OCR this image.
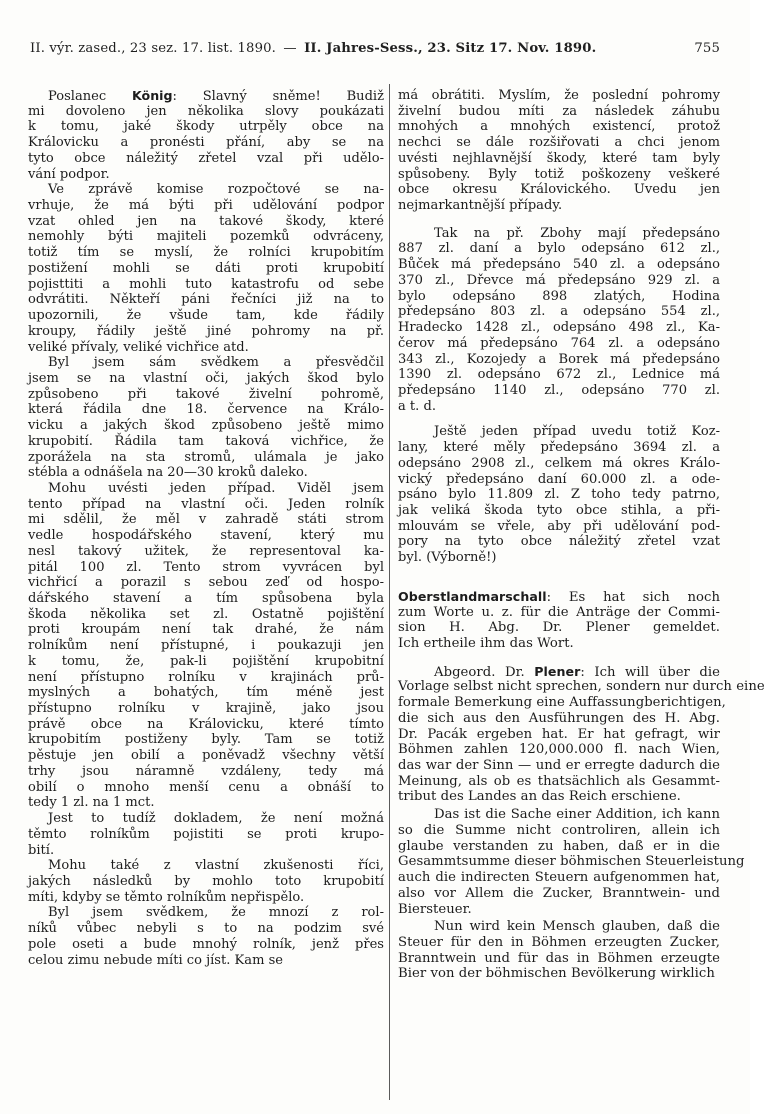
II. výr. zased., 23 sez. 17. list. 1890. — II. Jahres-Sess., 23. Sitz 17. Nov. 1890.	755
Poslanec König: Slavný sněme! Budiž
mi dovoleno jen několika slovy poukázati
k tomu, jaké škody utrpěly obce na
Královicku a pronésti přání, aby se na
tyto obce náležitý zřetel vzal při udělo-
vání podpor.
Ve zprávě komise rozpočtové se na-
vrhuje, že má býti při udělování podpor
vzat ohled jen na takové škody, které
nemohly býti majiteli pozemků odvráceny,
totiž tím se myslí, že rolníci krupobitím
postižení mohli se dáti proti krupobití
pojisttiti a mohli tuto katastrofu od sebe
odvrátiti. Někteří páni řečníci již na to
upozornili, že všude tam, kde řádily
kroupy, řádily ještě jiné pohromy na př.
veliké přívaly, veliké vichřice atd.
Byl jsem sám svědkem a přesvědčil
jsem se na vlastní oči, jakých škod bylo
způsobeno při takové živelní pohromě,
která řádila dne 18. července na Králo-
vicku a jakých škod způsobeno ještě mimo
krupobití. Řádila tam taková vichřice, že
zporážela na sta stromů, ulámala je jako
stébla a odnášela na 20—30 kroků daleko.
Mohu uvésti jeden případ. Viděl jsem
tento případ na vlastní oči. Jeden rolník
mi sdělil, že měl v zahradě státi strom
vedle hospodářského stavení, který mu
nesl takový užitek, že representoval ka-
pitál 100 zl. Tento strom vyvrácen byl
vichřicí a porazil s sebou zeď od hospo-
dářského stavení a tím spůsobena byla
škoda několika set zl. Ostatně pojištění
proti kroupám není tak drahé, že nám
rolníkům není přístupné, i poukazuji jen
k tomu, že, pak-li pojištění krupobitní
není přístupno rolníku v krajinách prů-
myslných a bohatých, tím méně jest
přístupno rolníku v krajině, jako jsou
právě obce na Královicku, které tímto
krupobitím postiženy byly. Tam se totiž
pěstuje jen obilí a poněvadž všechny větší
trhy jsou náramně vzdáleny, tedy má
obilí o mnoho menší cenu a obnáší to
tedy 1 zl. na 1 mct.
Jest to tudíž dokladem, že není možná
těmto rolníkům pojistiti se proti krupo-
bití.
Mohu také z vlastní zkušenosti říci,
jakých následků by mohlo toto krupobití
míti, kdyby se těmto rolníkům nepřispělo.
Byl jsem svědkem, že mnozí z rol-
níků vůbec nebyli s to na podzim své
pole oseti a bude mnohý rolník, jenž přes
celou zimu nebude míti co jíst. Kam se
má obrátiti. Myslím, že poslední pohromy
živelní budou míti za následek záhubu
mnohých a mnohých existencí, protož
nechci se dále rozšiřovati a chci jenom
uvésti nejhlavnější škody, které tam byly
spůsobeny. Byly totiž poškozeny veškeré
obce okresu Královického. Uvedu jen
nejmarkantnější případy.
Tak na př. Zbohy mají předepsáno
887 zl. daní a bylo odepsáno 612 zl.,
Bůček má předepsáno 540 zl. a odepsáno
370 zl., Dřevce má předepsáno 929 zl. a
bylo odepsáno 898 zlatých, Hodina
předepsáno 803 zl. a odepsáno 554 zl.,
Hradecko 1428 zl., odepsáno 498 zl., Ka-
čerov má předepsáno 764 zl. a odepsáno
343 zl., Kozojedy a Borek má předepsáno
1390 zl. odepsáno 672 zl., Lednice má
předepsáno 1140 zl., odepsáno 770 zl.
a t. d.
Ještě jeden případ uvedu totiž Koz-
lany, které měly předepsáno 3694 zl. a
odepsáno 2908 zl., celkem má okres Králo-
vický předepsáno daní 60.000 zl. a ode-
psáno bylo 11.809 zl. Z toho tedy patrno,
jak veliká škoda tyto obce stihla, a při-
mlouvám se vřele, aby při udělování pod-
pory na tyto obce náležitý zřetel vzat
byl. (Výborně!)
Oberstlandmarschall: Es hat sich noch
zum Worte u. z. für die Anträge der Commi-
sion H. Abg. Dr. Plener gemeldet.
Ich ertheile ihm das Wort.
Abgeord. Dr. Plener: Ich will über die
Vorlage selbst nicht sprechen, sondern nur durch eine
formale Bemerkung eine Auffassungberichtigen,
die sich aus den Ausführungen des H. Abg.
Dr. Pacák ergeben hat. Er hat gefragt, wir
Böhmen zahlen 120,000.000 fl. nach Wien,
das war der Sinn — und er erregte dadurch die
Meinung, als ob es thatsächlich als Gesammt-
tribut des Landes an das Reich erschiene.
Das ist die Sache einer Addition, ich kann
so die Summe nicht controliren, allein ich
glaube verstanden zu haben, daß er in die
Gesammtsumme dieser böhmischen Steuerleistung
auch die indirecten Steuern aufgenommen hat,
also vor Allem die Zucker, Branntwein- und
Biersteuer.
Nun wird kein Mensch glauben, daß die
Steuer für den in Böhmen erzeugten Zucker,
Branntwein und für das in Böhmen erzeugte
Bier von der böhmischen Bevölkerung wirklich
